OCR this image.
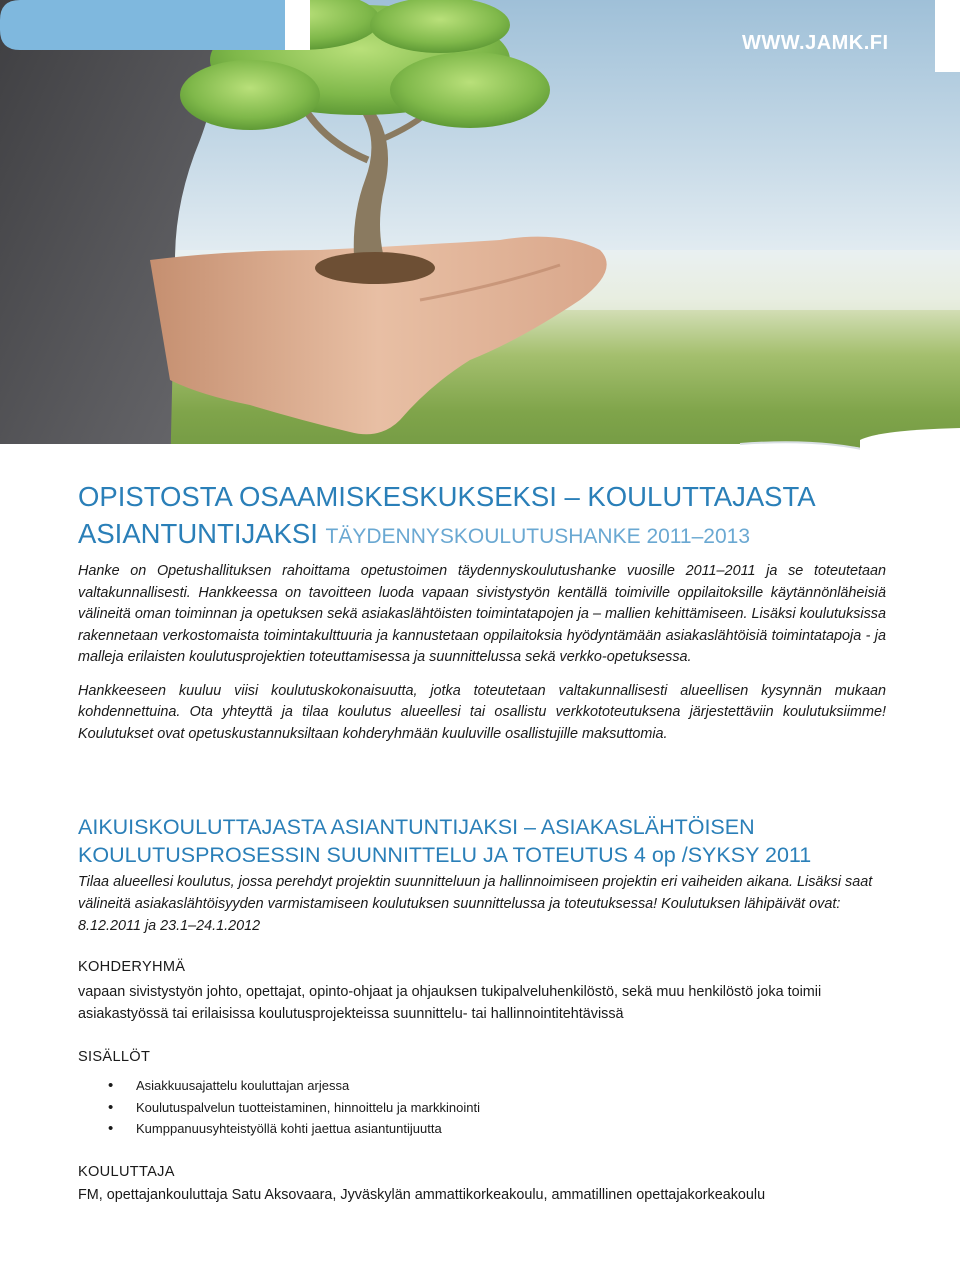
WWW.JAMK.FI
OPISTOSTA OSAAMISKESKUKSEKSI – KOULUTTAJASTA ASIANTUNTIJAKSI TÄYDENNYSKOULUTUSHANKE 2011–2013

Hanke on Opetushallituksen rahoittama opetustoimen täydennyskoulutushanke vuosille 2011–2011 ja se toteutetaan valtakunnallisesti. Hankkeessa on tavoitteen luoda vapaan sivistystyön kentällä toimiville oppilaitoksille käytännönläheisiä välineitä oman toiminnan ja opetuksen sekä asiakaslähtöisten toimintatapojen ja – mallien kehittämiseen. Lisäksi koulutuksissa rakennetaan verkostomaista toimintakulttuuria ja kannustetaan oppilaitoksia hyödyntämään asiakaslähtöisiä toimintatapoja - ja malleja erilaisten koulutusprojektien toteuttamisessa ja suunnittelussa sekä verkko-opetuksessa.

Hankkeeseen kuuluu viisi koulutuskokonaisuutta, jotka toteutetaan valtakunnallisesti alueellisen kysynnän mukaan kohdennettuina. Ota yhteyttä ja tilaa koulutus alueellesi tai osallistu verkkototeutuksena järjestettäviin koulutuksiimme! Koulutukset ovat opetuskustannuksiltaan kohderyhmään kuuluville osallistujille maksuttomia.

AIKUISKOULUTTAJASTA ASIANTUNTIJAKSI – ASIAKASLÄHTÖISEN KOULUTUSPROSESSIN SUUNNITTELU JA TOTEUTUS 4 op /SYKSY 2011

Tilaa alueellesi koulutus, jossa perehdyt projektin suunnitteluun ja hallinnoimiseen projektin eri vaiheiden aikana. Lisäksi saat välineitä asiakaslähtöisyyden varmistamiseen koulutuksen suunnittelussa ja toteutuksessa! Koulutuksen lähipäivät ovat: 8.12.2011 ja 23.1–24.1.2012

KOHDERYHMÄ
vapaan sivistystyön johto, opettajat, opinto-ohjaat ja ohjauksen tukipalveluhenkilöstö, sekä muu henkilöstö joka toimii asiakastyössä tai erilaisissa koulutusprojekteissa suunnittelu- tai hallinnointitehtävissä
SISÄLLÖT
• Asiakkuusajattelu kouluttajan arjessa
• Koulutuspalvelun tuotteistaminen, hinnoittelu ja markkinointi
• Kumppanuusyhteistyöllä kohti jaettua asiantuntijuutta
KOULUTTAJA
FM, opettajankouluttaja Satu Aksovaara, Jyväskylän ammattikorkeakoulu, ammatillinen opettajakorkeakoulu
